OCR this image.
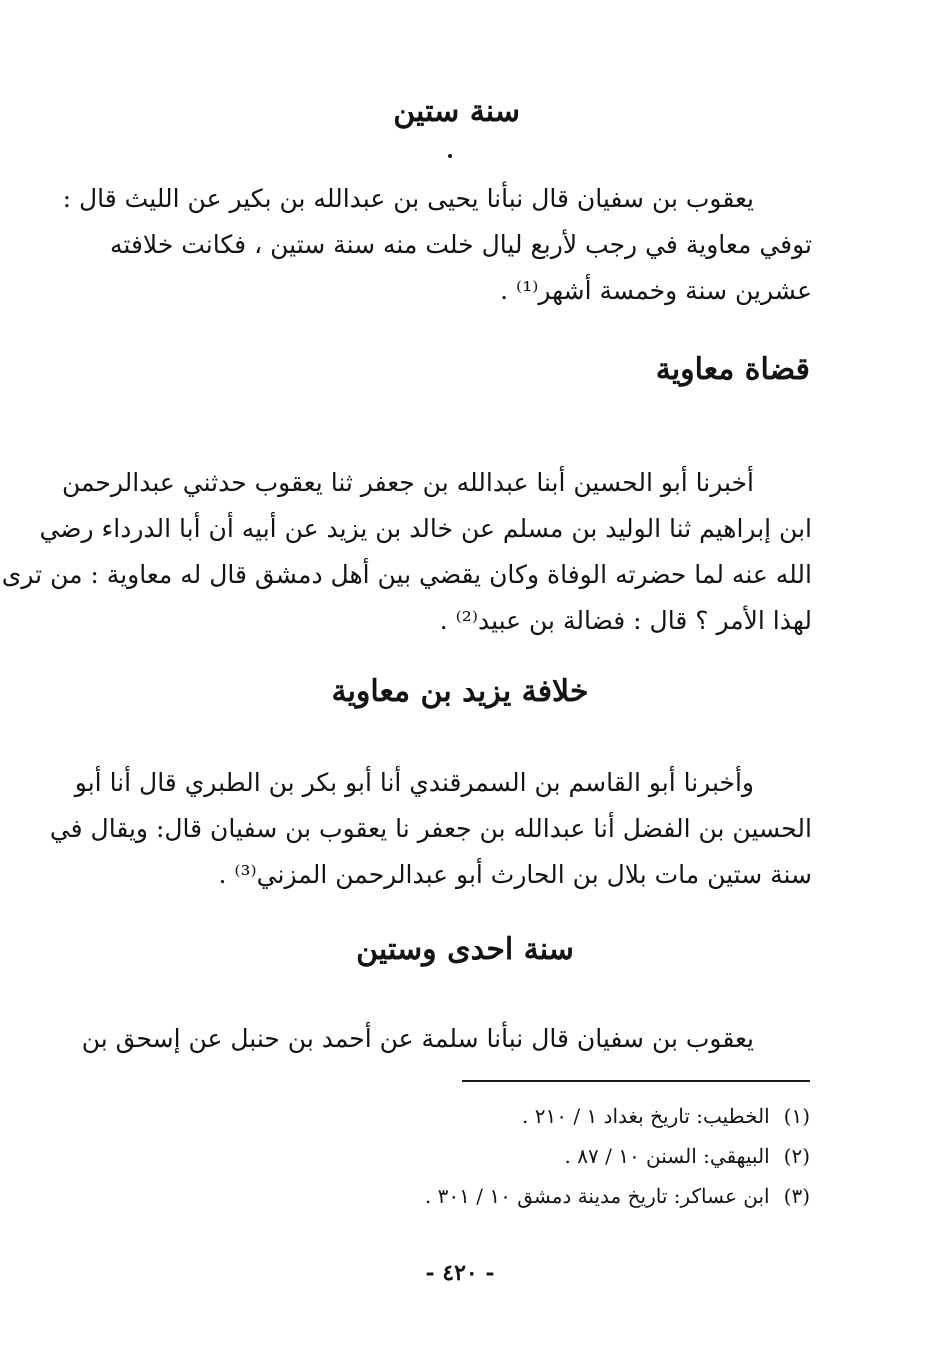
سنة ستين
يعقوب بن سفيان قال نبأنا يحيى بن عبدالله بن بكير عن الليث قال :
توفي معاوية في رجب لأربع ليال خلت منه سنة ستين ، فكانت خلافته
عشرين سنة وخمسة أشهر⁽¹⁾ .
قضاة معاوية
أخبرنا أبو الحسين أبنا عبدالله بن جعفر ثنا يعقوب حدثني عبدالرحمن
ابن إبراهيم ثنا الوليد بن مسلم عن خالد بن يزيد عن أبيه أن أبا الدرداء رضي
الله عنه لما حضرته الوفاة وكان يقضي بين أهل دمشق قال له معاوية : من ترى
لهذا الأمر ؟ قال : فضالة بن عبيد⁽²⁾ .
خلافة يزيد بن معاوية
وأخبرنا أبو القاسم بن السمرقندي أنا أبو بكر بن الطبري قال أنا أبو
الحسين بن الفضل أنا عبدالله بن جعفر نا يعقوب بن سفيان قال: ويقال في
سنة ستين مات بلال بن الحارث أبو عبدالرحمن المزني⁽³⁾ .
سنة احدى وستين
يعقوب بن سفيان قال نبأنا سلمة عن أحمد بن حنبل عن إسحق بن
(١)الخطيب: تاريخ بغداد ١ / ٢١٠ .
(٢)البيهقي: السنن ١٠ / ٨٧ .
(٣)ابن عساكر: تاريخ مدينة دمشق ١٠ / ٣٠١ .
- ٤٢٠ -
